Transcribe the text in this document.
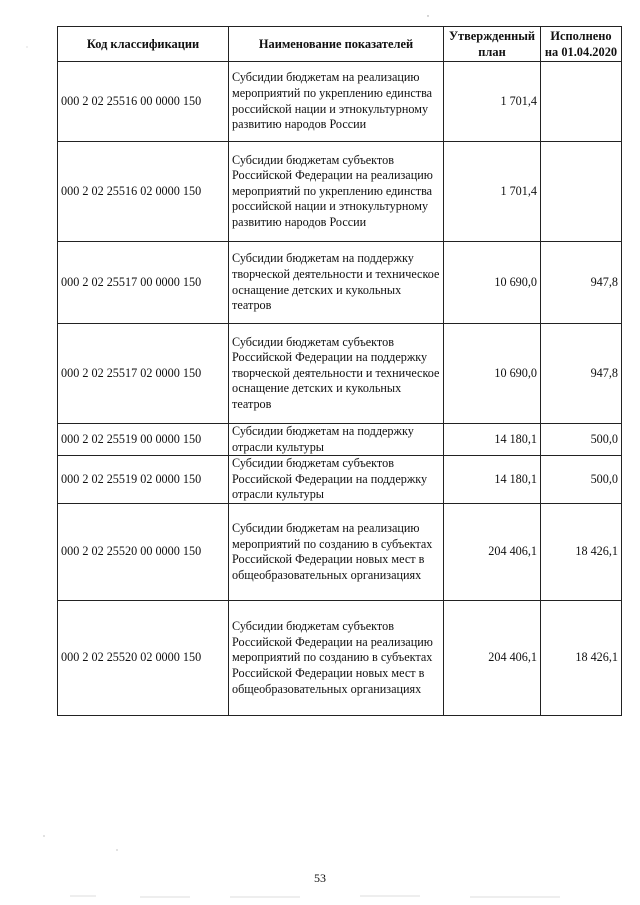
Код классификации	Наименование показателей	Утвержденный план	Исполнено на 01.04.2020
000 2 02 25516 00 0000 150	Субсидии бюджетам на реализацию мероприятий по укреплению единства российской нации и этнокультурному развитию народов России	1 701,4	
000 2 02 25516 02 0000 150	Субсидии бюджетам субъектов Российской Федерации на реализацию мероприятий по укреплению единства российской нации и этнокультурному развитию народов России	1 701,4	
000 2 02 25517 00 0000 150	Субсидии бюджетам на поддержку творческой деятельности и техническое оснащение детских и кукольных театров	10 690,0	947,8
000 2 02 25517 02 0000 150	Субсидии бюджетам субъектов Российской Федерации на поддержку творческой деятельности и техническое оснащение детских и кукольных театров	10 690,0	947,8
000 2 02 25519 00 0000 150	Субсидии бюджетам на поддержку отрасли культуры	14 180,1	500,0
000 2 02 25519 02 0000 150	Субсидии бюджетам субъектов Российской Федерации на поддержку отрасли культуры	14 180,1	500,0
000 2 02 25520 00 0000 150	Субсидии бюджетам на реализацию мероприятий по созданию в субъектах Российской Федерации новых мест в общеобразовательных организациях	204 406,1	18 426,1
000 2 02 25520 02 0000 150	Субсидии бюджетам субъектов Российской Федерации на реализацию мероприятий по созданию в субъектах Российской Федерации новых мест в общеобразовательных организациях	204 406,1	18 426,1
53
